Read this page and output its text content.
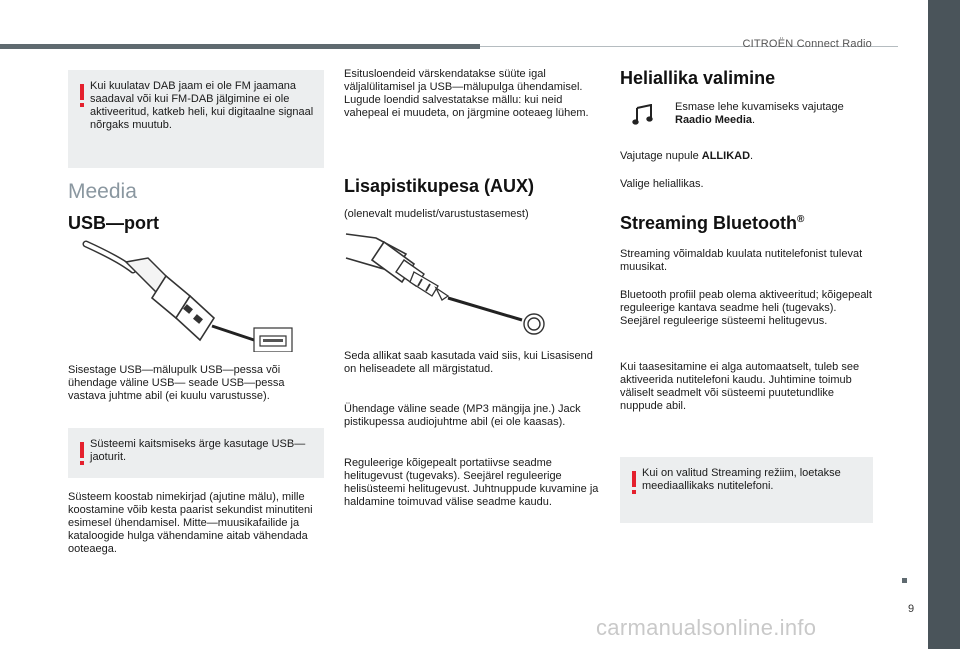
CITROËN Connect Radio
9
carmanualsonline.info

Kui kuulatav DAB jaam ei ole FM jaamana saadaval või kui FM-DAB jälgimine ei ole aktiveeritud, katkeb heli, kui digitaalne signaal nõrgaks muutub.

Meedia
USB—port
Sisestage USB—mälupulk USB—pessa või ühendage väline USB— seade USB—pessa vastava juhtme abil (ei kuulu varustusse).

Süsteemi kaitsmiseks ärge kasutage USB—jaoturit.

Süsteem koostab nimekirjad (ajutine mälu), mille koostamine võib kesta paarist sekundist minutiteni esimesel ühendamisel. Mitte—muusikafailide ja kataloogide hulga vähendamine aitab vähendada ooteaega.
Esitusloendeid värskendatakse süüte igal väljalülitamisel ja USB—mälupulga ühendamisel. Lugude loendid salvestatakse mällu: kui neid vahepeal ei muudeta, on järgmine ooteaeg lühem.
Lisapistikupesa (AUX)
(olenevalt mudelist/varustustasemest)
Seda allikat saab kasutada vaid siis, kui Lisasisend on heliseadete all märgistatud.
Ühendage väline seade (MP3 mängija jne.) Jack pistikupessa audiojuhtme abil (ei ole kaasas).
Reguleerige kõigepealt portatiivse seadme helitugevust (tugevaks). Seejärel reguleerige helisüsteemi helitugevust. Juhtnuppude kuvamine ja haldamine toimuvad välise seadme kaudu.
Heliallika valimine
Esmase lehe kuvamiseks vajutage Raadio Meedia.
Vajutage nupule ALLIKAD.
Valige heliallikas.
Streaming Bluetooth®
Streaming võimaldab kuulata nutitelefonist tulevat muusikat.
Bluetooth profiil peab olema aktiveeritud; kõigepealt reguleerige kantava seadme heli (tugevaks). Seejärel reguleerige süsteemi helitugevus.
Kui taasesitamine ei alga automaatselt, tuleb see aktiveerida nutitelefoni kaudu. Juhtimine toimub väliselt seadmelt või süsteemi puutetundlike nuppude abil.

Kui on valitud Streaming režiim, loetakse meediaallikaks nutitelefoni.
